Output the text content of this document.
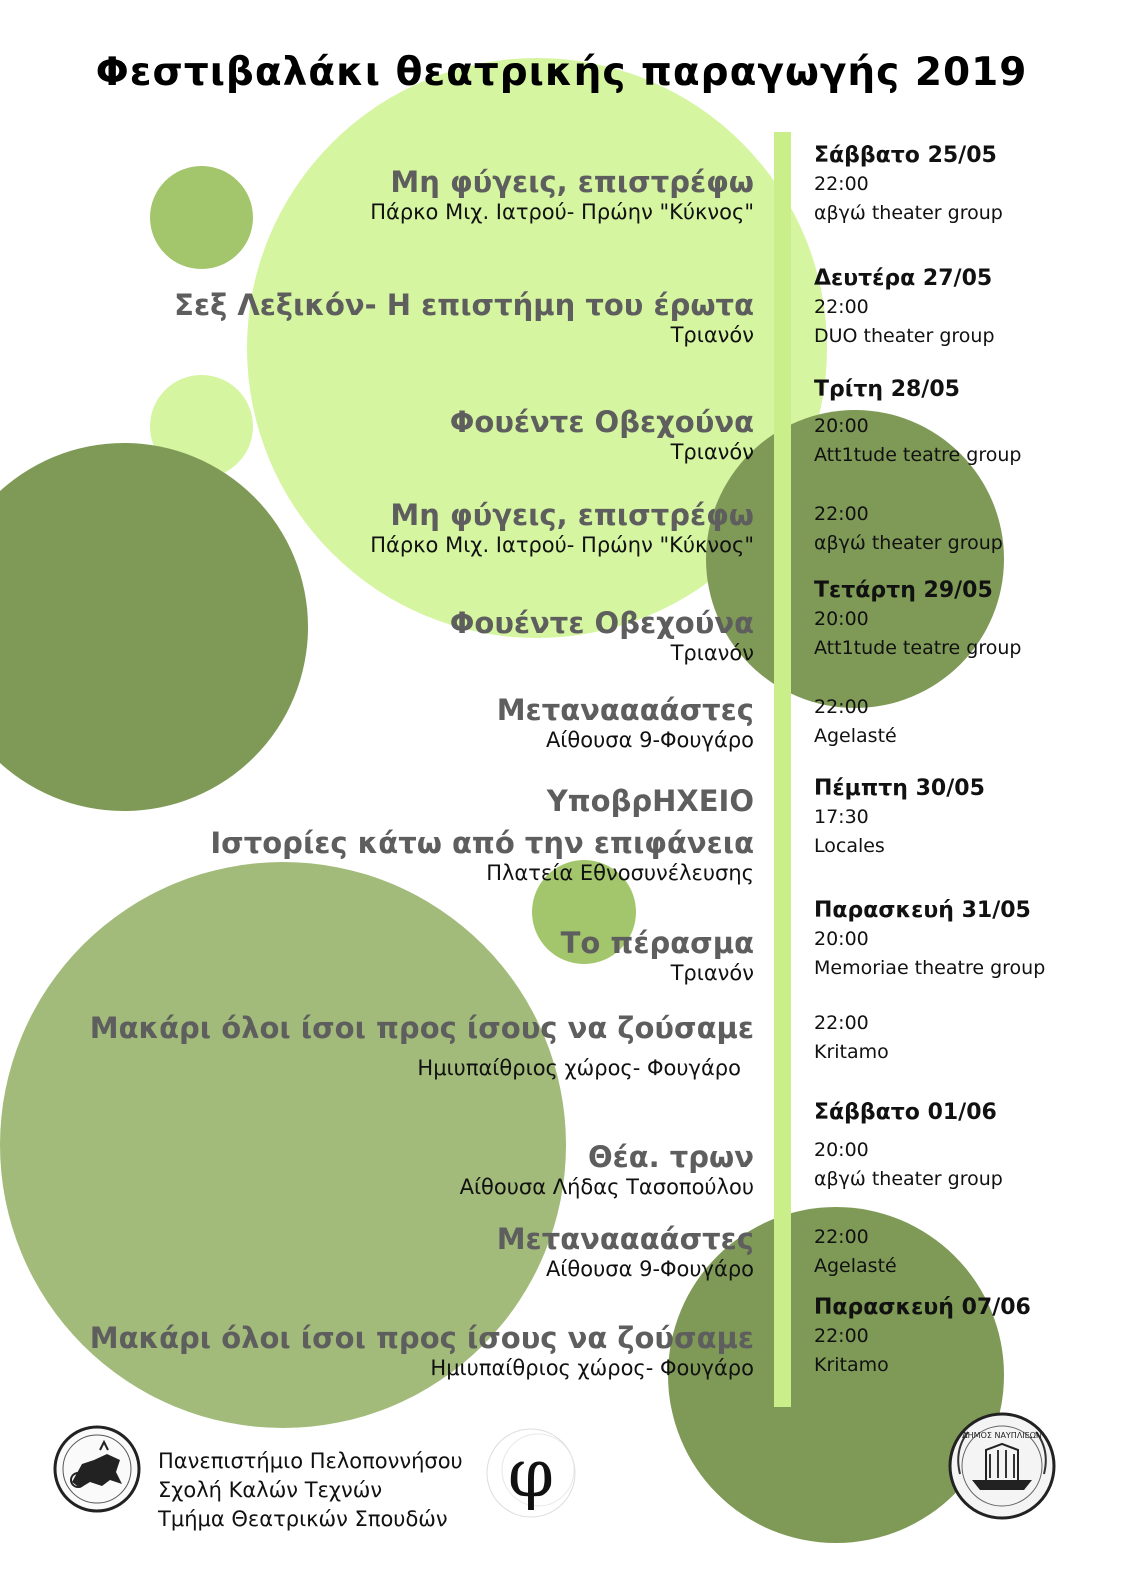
Φεστιβαλάκι θεατρικής παραγωγής 2019
Μη φύγεις, επιστρέφω
Πάρκο Μιχ. Ιατρού- Πρώην "Κύκνος"
Σεξ Λεξικόν- Η επιστήμη του έρωτα
Τριανόν
Φουέντε Οβεχούνα
Τριανόν
Μη φύγεις, επιστρέφω
Πάρκο Μιχ. Ιατρού- Πρώην "Κύκνος"
Φουέντε Οβεχούνα
Τριανόν
Μεταναααάστες
Αίθουσα 9-Φουγάρο
ΥποβρΗΧΕΙΟ
Ιστορίες κάτω από την επιφάνεια
Πλατεία Εθνοσυνέλευσης
Το πέρασμα
Τριανόν
Μακάρι όλοι ίσοι προς ίσους να ζούσαμε
Ημιυπαίθριος χώρος- Φουγάρο
Θέα. τρων
Αίθουσα Λήδας Τασοπούλου
Μεταναααάστες
Αίθουσα 9-Φουγάρο
Μακάρι όλοι ίσοι προς ίσους να ζούσαμε
Ημιυπαίθριος χώρος- Φουγάρο
Σάββατο 25/05
22:00
αβγώ theater group
Δευτέρα 27/05
22:00
DUO theater group
Τρίτη 28/05
20:00
Att1tude teatre group
22:00
αβγώ theater group
Τετάρτη 29/05
20:00
Att1tude teatre group
22:00
Agelasté
Πέμπτη 30/05
17:30
Locales
Παρασκευή 31/05
20:00
Memoriae theatre group
22:00
Kritamo
Σάββατο 01/06
20:00
αβγώ theater group
22:00
Agelasté
Παρασκευή 07/06
22:00
Kritamo
Πανεπιστήμιο Πελοποννήσου
Σχολή Καλών Τεχνών
Τμήμα Θεατρικών Σπουδών
φ	ΔΗΜΟΣ ΝΑΥΠΛΙΕΩΝ
